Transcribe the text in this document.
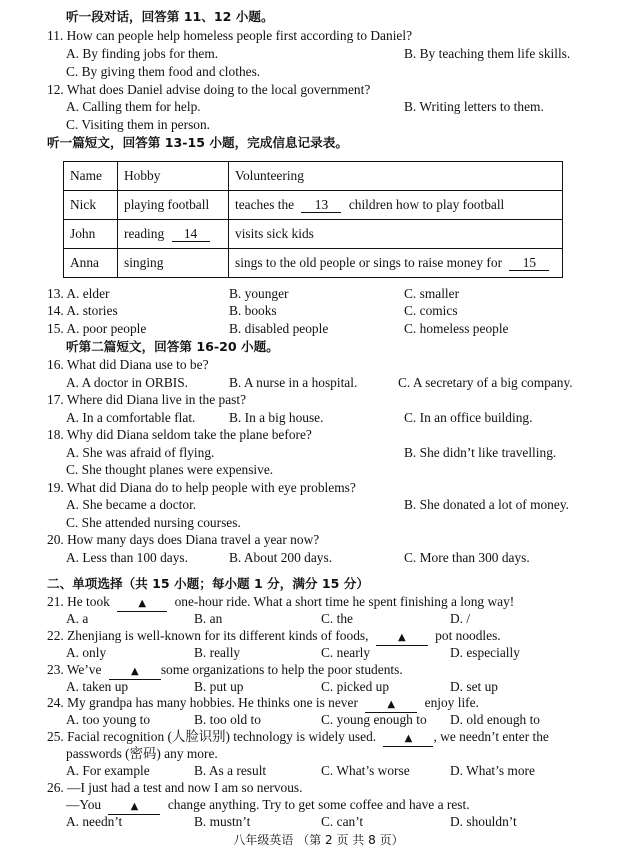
听一段对话，回答第 11、12 小题。
11. How can people help homeless people first according to Daniel?
A. By finding jobs for them.	B. By teaching them life skills.
C. By giving them food and clothes.
12. What does Daniel advise doing to the local government?
A. Calling them for help.	B. Writing letters to them.
C. Visiting them in person.
听一篇短文，回答第 13-15 小题，完成信息记录表。
Name	Hobby	Volunteering
Nick	playing football	teaches the 13 children how to play football
John	reading 14	visits sick kids
Anna	singing	sings to the old people or sings to raise money for 15
13. A. elder	B. younger	C. smaller
14. A. stories	B. books	C. comics
15. A. poor people	B. disabled people	C. homeless people
听第二篇短文，回答第 16-20 小题。
16. What did Diana use to be?
A. A doctor in ORBIS.	B. A nurse in a hospital.	C. A secretary of a big company.
17. Where did Diana live in the past?
A. In a comfortable flat.	B. In a big house.	C. In an office building.
18. Why did Diana seldom take the plane before?
A. She was afraid of flying.	B. She didn’t like travelling.
C. She thought planes were expensive.
19. What did Diana do to help people with eye problems?
A. She became a doctor.	B. She donated a lot of money.
C. She attended nursing courses.
20. How many days does Diana travel a year now?
A. Less than 100 days.	B. About 200 days.	C. More than 300 days.
二、单项选择（共 15 小题；每小题 1 分，满分 15 分）
21. He took	▲ one-hour ride. What a short time he spent finishing a long way!
A. a	B. an	C. the	D. /
22. Zhenjiang is well-known for its different kinds of foods,	▲ pot noodles.
A. only	B. really	C. nearly	D. especially
23. We’ve	▲ some organizations to help the poor students.
A. taken up	B. put up	C. picked up	D. set up
24. My grandpa has many hobbies. He thinks one is never	▲ enjoy life.
A. too young to	B. too old to	C. young enough to D. old enough to
25. Facial recognition (人脸识别) technology is widely used.	▲ , we needn’t enter the
passwords (密码) any more.
A. For example	B. As a result	C. What’s worse	D. What’s more
26. —I just had a test and now I am so nervous.
—You	▲ change anything. Try to get some coffee and have a rest.
A. needn’t	B. mustn’t	C. can’t	D. shouldn’t
八年级英语 （第 2 页 共 8 页）
